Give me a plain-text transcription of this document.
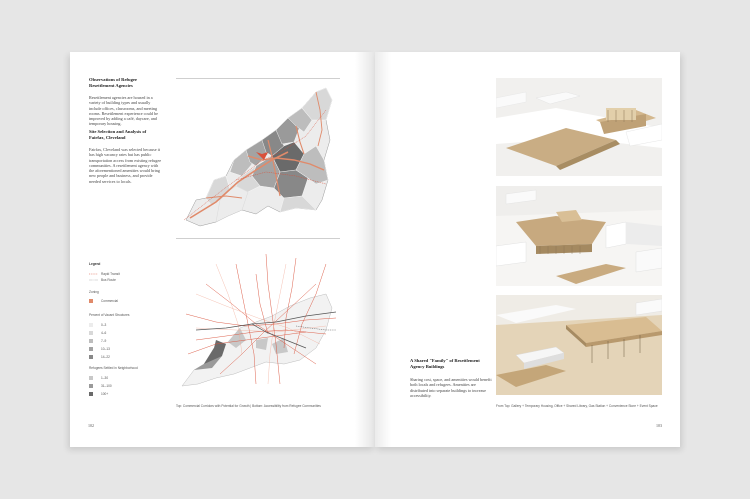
Observations of Refugee Resettlement Agencies
Resettlement agencies are housed in a variety of building types and usually include offices, classrooms, and meeting rooms. Resettlement experience could be improved by adding a café, daycare, and temporary housing.
Site Selection and Analysis of Fairfax, Cleveland
Fairfax, Cleveland was selected because it has high vacancy rates but has public transportation access from existing refugee communities. A resettlement agency with the aforementioned amenities would bring new people and business, and provide needed services to locals.
Legend
Rapid Transit
Bus Route
Zoning
Commercial
Percent of Vacant Structures
0–3
4–6
7–9
10–13
14–22
Refugees Settled in Neighborhood
1–30
31–100
100+
Top: Commercial Corridors with Potential for Growth | Bottom: Accessibility from Refugee Communities
102
A Shared "Family" of Resettlement Agency Buildings
Sharing cost, space, and amenities would benefit both locals and refugees. Amenities are distributed into separate buildings to increase accessibility.
From Top: Gallery + Temporary Housing, Office + Shared Library, Gas Station + Convenience Store + Event Space
103
